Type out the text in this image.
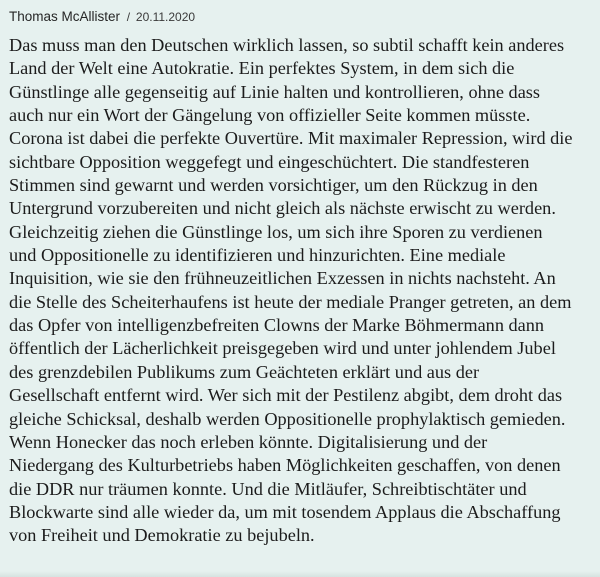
Thomas McAllister / 20.11.2020
Das muss man den Deutschen wirklich lassen, so subtil schafft kein anderes
Land der Welt eine Autokratie. Ein perfektes System, in dem sich die
Günstlinge alle gegenseitig auf Linie halten und kontrollieren, ohne dass
auch nur ein Wort der Gängelung von offizieller Seite kommen müsste.
Corona ist dabei die perfekte Ouvertüre. Mit maximaler Repression, wird die
sichtbare Opposition weggefegt und eingeschüchtert. Die standfesteren
Stimmen sind gewarnt und werden vorsichtiger, um den Rückzug in den
Untergrund vorzubereiten und nicht gleich als nächste erwischt zu werden.
Gleichzeitig ziehen die Günstlinge los, um sich ihre Sporen zu verdienen
und Oppositionelle zu identifizieren und hinzurichten. Eine mediale
Inquisition, wie sie den frühneuzeitlichen Exzessen in nichts nachsteht. An
die Stelle des Scheiterhaufens ist heute der mediale Pranger getreten, an dem
das Opfer von intelligenzbefreiten Clowns der Marke Böhmermann dann
öffentlich der Lächerlichkeit preisgegeben wird und unter johlendem Jubel
des grenzdebilen Publikums zum Geächteten erklärt und aus der
Gesellschaft entfernt wird. Wer sich mit der Pestilenz abgibt, dem droht das
gleiche Schicksal, deshalb werden Oppositionelle prophylaktisch gemieden.
Wenn Honecker das noch erleben könnte. Digitalisierung und der
Niedergang des Kulturbetriebs haben Möglichkeiten geschaffen, von denen
die DDR nur träumen konnte. Und die Mitläufer, Schreibtischtäter und
Blockwarte sind alle wieder da, um mit tosendem Applaus die Abschaffung
von Freiheit und Demokratie zu bejubeln.
